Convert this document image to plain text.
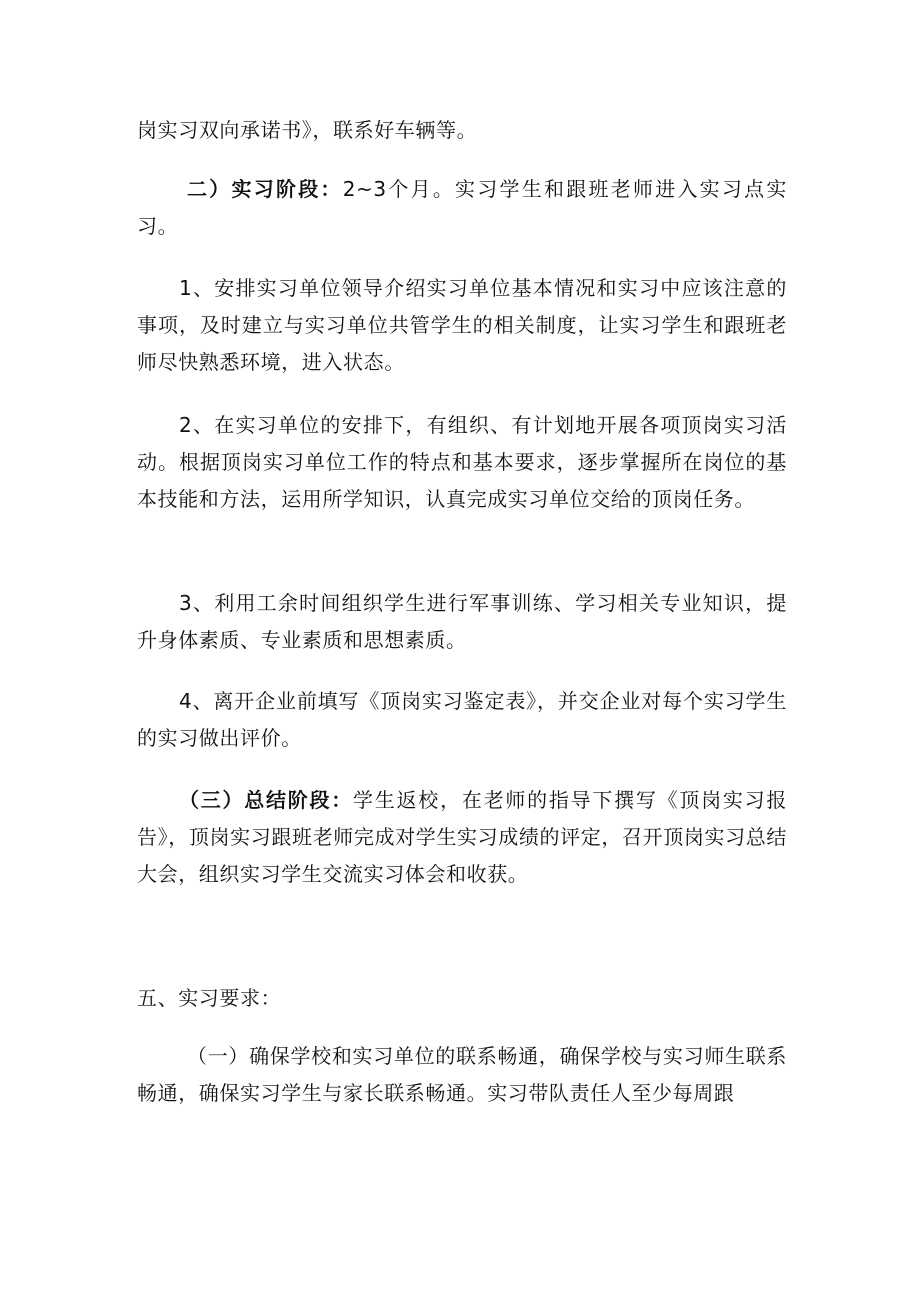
岗实习双向承诺书》，联系好车辆等。

二）实习阶段：2~3个月。实习学生和跟班老师进入实习点实习。

1、安排实习单位领导介绍实习单位基本情况和实习中应该注意的事项，及时建立与实习单位共管学生的相关制度，让实习学生和跟班老师尽快熟悉环境，进入状态。

2、在实习单位的安排下，有组织、有计划地开展各项顶岗实习活动。根据顶岗实习单位工作的特点和基本要求，逐步掌握所在岗位的基本技能和方法，运用所学知识，认真完成实习单位交给的顶岗任务。

3、利用工余时间组织学生进行军事训练、学习相关专业知识，提升身体素质、专业素质和思想素质。

4、离开企业前填写《顶岗实习鉴定表》，并交企业对每个实习学生的实习做出评价。

（三）总结阶段：学生返校，在老师的指导下撰写《顶岗实习报告》，顶岗实习跟班老师完成对学生实习成绩的评定，召开顶岗实习总结大会，组织实习学生交流实习体会和收获。

五、实习要求：

（一）确保学校和实习单位的联系畅通，确保学校与实习师生联系畅通，确保实习学生与家长联系畅通。实习带队责任人至少每周跟
